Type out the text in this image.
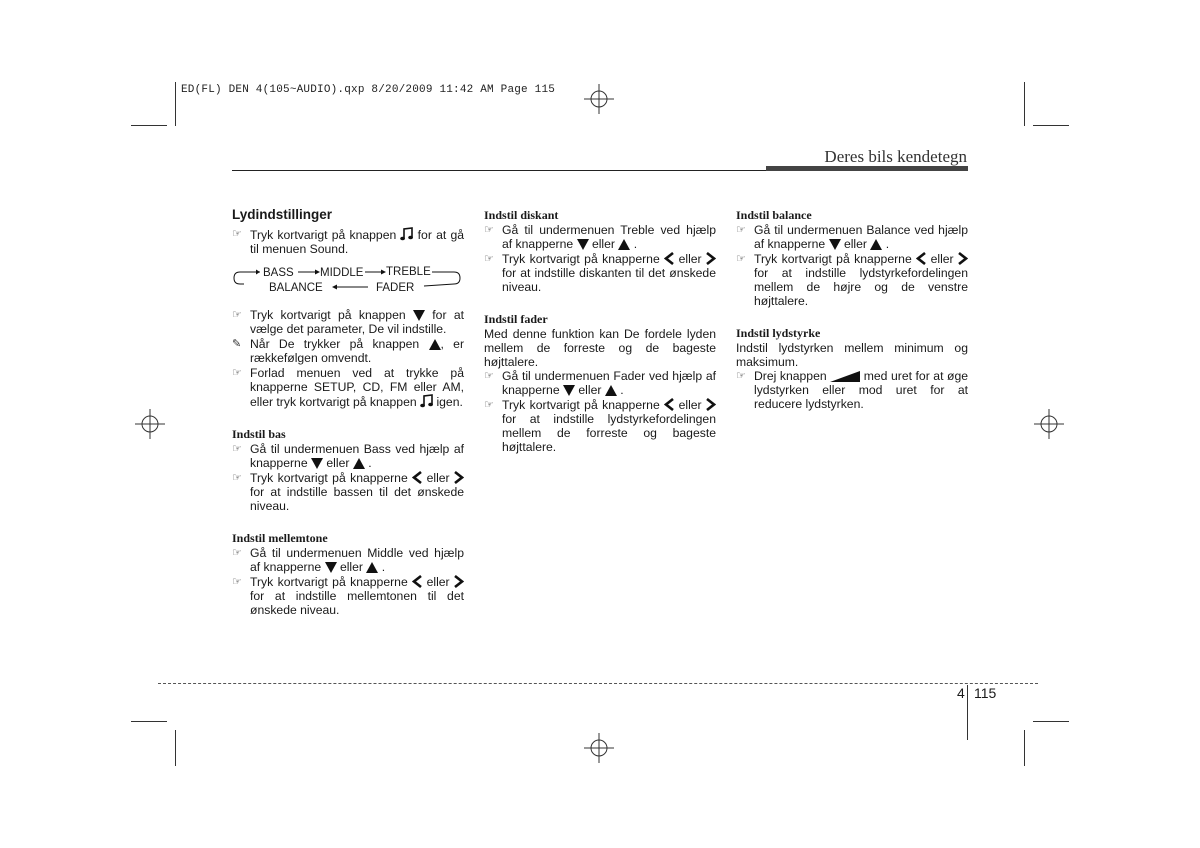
ED(FL) DEN 4(105~AUDIO).qxp 8/20/2009 11:42 AM Page 115
Deres bils kendetegn
Lydindstillinger
☞ Tryk kortvarigt på knappen for at gå til menuen Sound.
BASS MIDDLE TREBLE
BALANCE	FADER
☞ Tryk kortvarigt på knappen for at vælge det parameter, De vil indstille.
✎ Når De trykker på knappen , er rækkefølgen omvendt.
☞ Forlad menuen ved at trykke på knapperne SETUP, CD, FM eller AM, eller tryk kortvarigt på knappen igen.
Indstil bas
☞ Gå til undermenuen Bass ved hjælp af knapperne eller .
☞ Tryk kortvarigt på knapperne eller  for at indstille bassen til det ønskede niveau.
Indstil mellemtone
☞ Gå til undermenuen Middle ved hjælp af knapperne eller .
☞ Tryk kortvarigt på knapperne eller  for at indstille mellemtonen til det ønskede niveau.
Indstil diskant
☞ Gå til undermenuen Treble ved hjælp af knapperne eller .
☞ Tryk kortvarigt på knapperne eller  for at indstille diskanten til det ønskede niveau.
Indstil fader
Med denne funktion kan De fordele lyden mellem de forreste og de bageste højttalere.
☞ Gå til undermenuen Fader ved hjælp af knapperne eller .
☞ Tryk kortvarigt på knapperne eller  for at indstille lydstyrkefordelingen mellem de forreste og bageste højttalere.
Indstil balance
☞ Gå til undermenuen Balance ved hjælp af knapperne eller .
☞ Tryk kortvarigt på knapperne eller  for at indstille lydstyrkefordelingen mellem de højre og de venstre højttalere.
Indstil lydstyrke
Indstil lydstyrken mellem minimum og maksimum.
☞ Drej knappen	med uret for at øge lydstyrken eller mod uret for at reducere lydstyrken.
4 115
